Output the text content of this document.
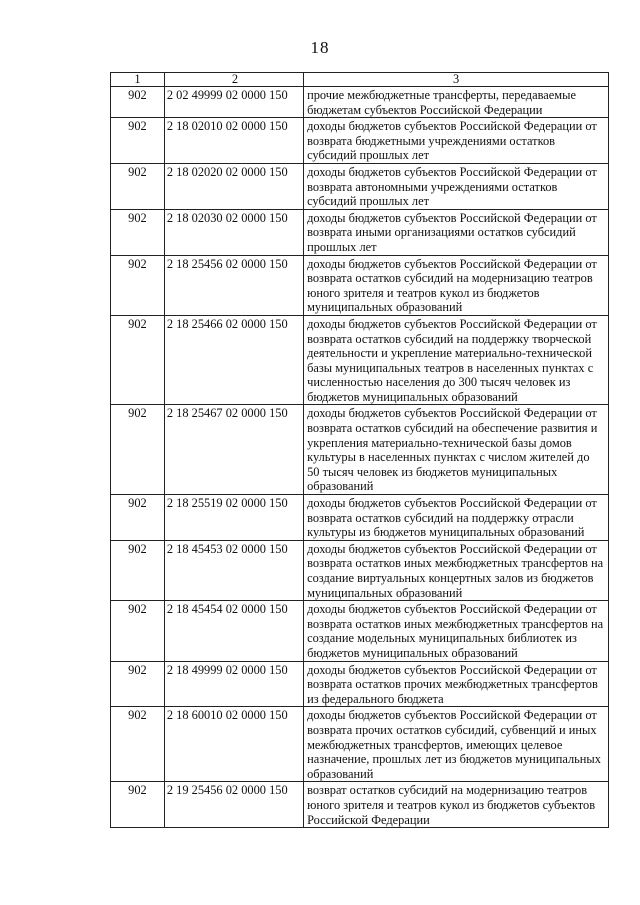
18
1	2	3
902	2 02 49999 02 0000 150	прочие межбюджетные трансферты, передаваемые бюджетам субъектов Российской Федерации
902	2 18 02010 02 0000 150	доходы бюджетов субъектов Российской Федерации от возврата бюджетными учреждениями остатков субсидий прошлых лет
902	2 18 02020 02 0000 150	доходы бюджетов субъектов Российской Федерации от возврата автономными учреждениями остатков субсидий прошлых лет
902	2 18 02030 02 0000 150	доходы бюджетов субъектов Российской Федерации от возврата иными организациями остатков субсидий прошлых лет
902	2 18 25456 02 0000 150	доходы бюджетов субъектов Российской Федерации от возврата остатков субсидий на модернизацию театров юного зрителя и театров кукол из бюджетов муниципальных образований
902	2 18 25466 02 0000 150	доходы бюджетов субъектов Российской Федерации от возврата остатков субсидий на поддержку творческой деятельности и укрепление материально-технической базы муниципальных театров в населенных пунктах с численностью населения до 300 тысяч человек из бюджетов муниципальных образований
902	2 18 25467 02 0000 150	доходы бюджетов субъектов Российской Федерации от возврата остатков субсидий на обеспечение развития и укрепления материально-технической базы домов культуры в населенных пунктах с числом жителей до 50 тысяч человек из бюджетов муниципальных образований
902	2 18 25519 02 0000 150	доходы бюджетов субъектов Российской Федерации от возврата остатков субсидий на поддержку отрасли культуры из бюджетов муниципальных образований
902	2 18 45453 02 0000 150	доходы бюджетов субъектов Российской Федерации от возврата остатков иных межбюджетных трансфертов на создание виртуальных концертных залов из бюджетов муниципальных образований
902	2 18 45454 02 0000 150	доходы бюджетов субъектов Российской Федерации от возврата остатков иных межбюджетных трансфертов на создание модельных муниципальных библиотек из бюджетов муниципальных образований
902	2 18 49999 02 0000 150	доходы бюджетов субъектов Российской Федерации от возврата остатков прочих межбюджетных трансфертов из федерального бюджета
902	2 18 60010 02 0000 150	доходы бюджетов субъектов Российской Федерации от возврата прочих остатков субсидий, субвенций и иных межбюджетных трансфертов, имеющих целевое назначение, прошлых лет из бюджетов муниципальных образований
902	2 19 25456 02 0000 150	возврат остатков субсидий на модернизацию театров юного зрителя и театров кукол из бюджетов субъектов Российской Федерации
